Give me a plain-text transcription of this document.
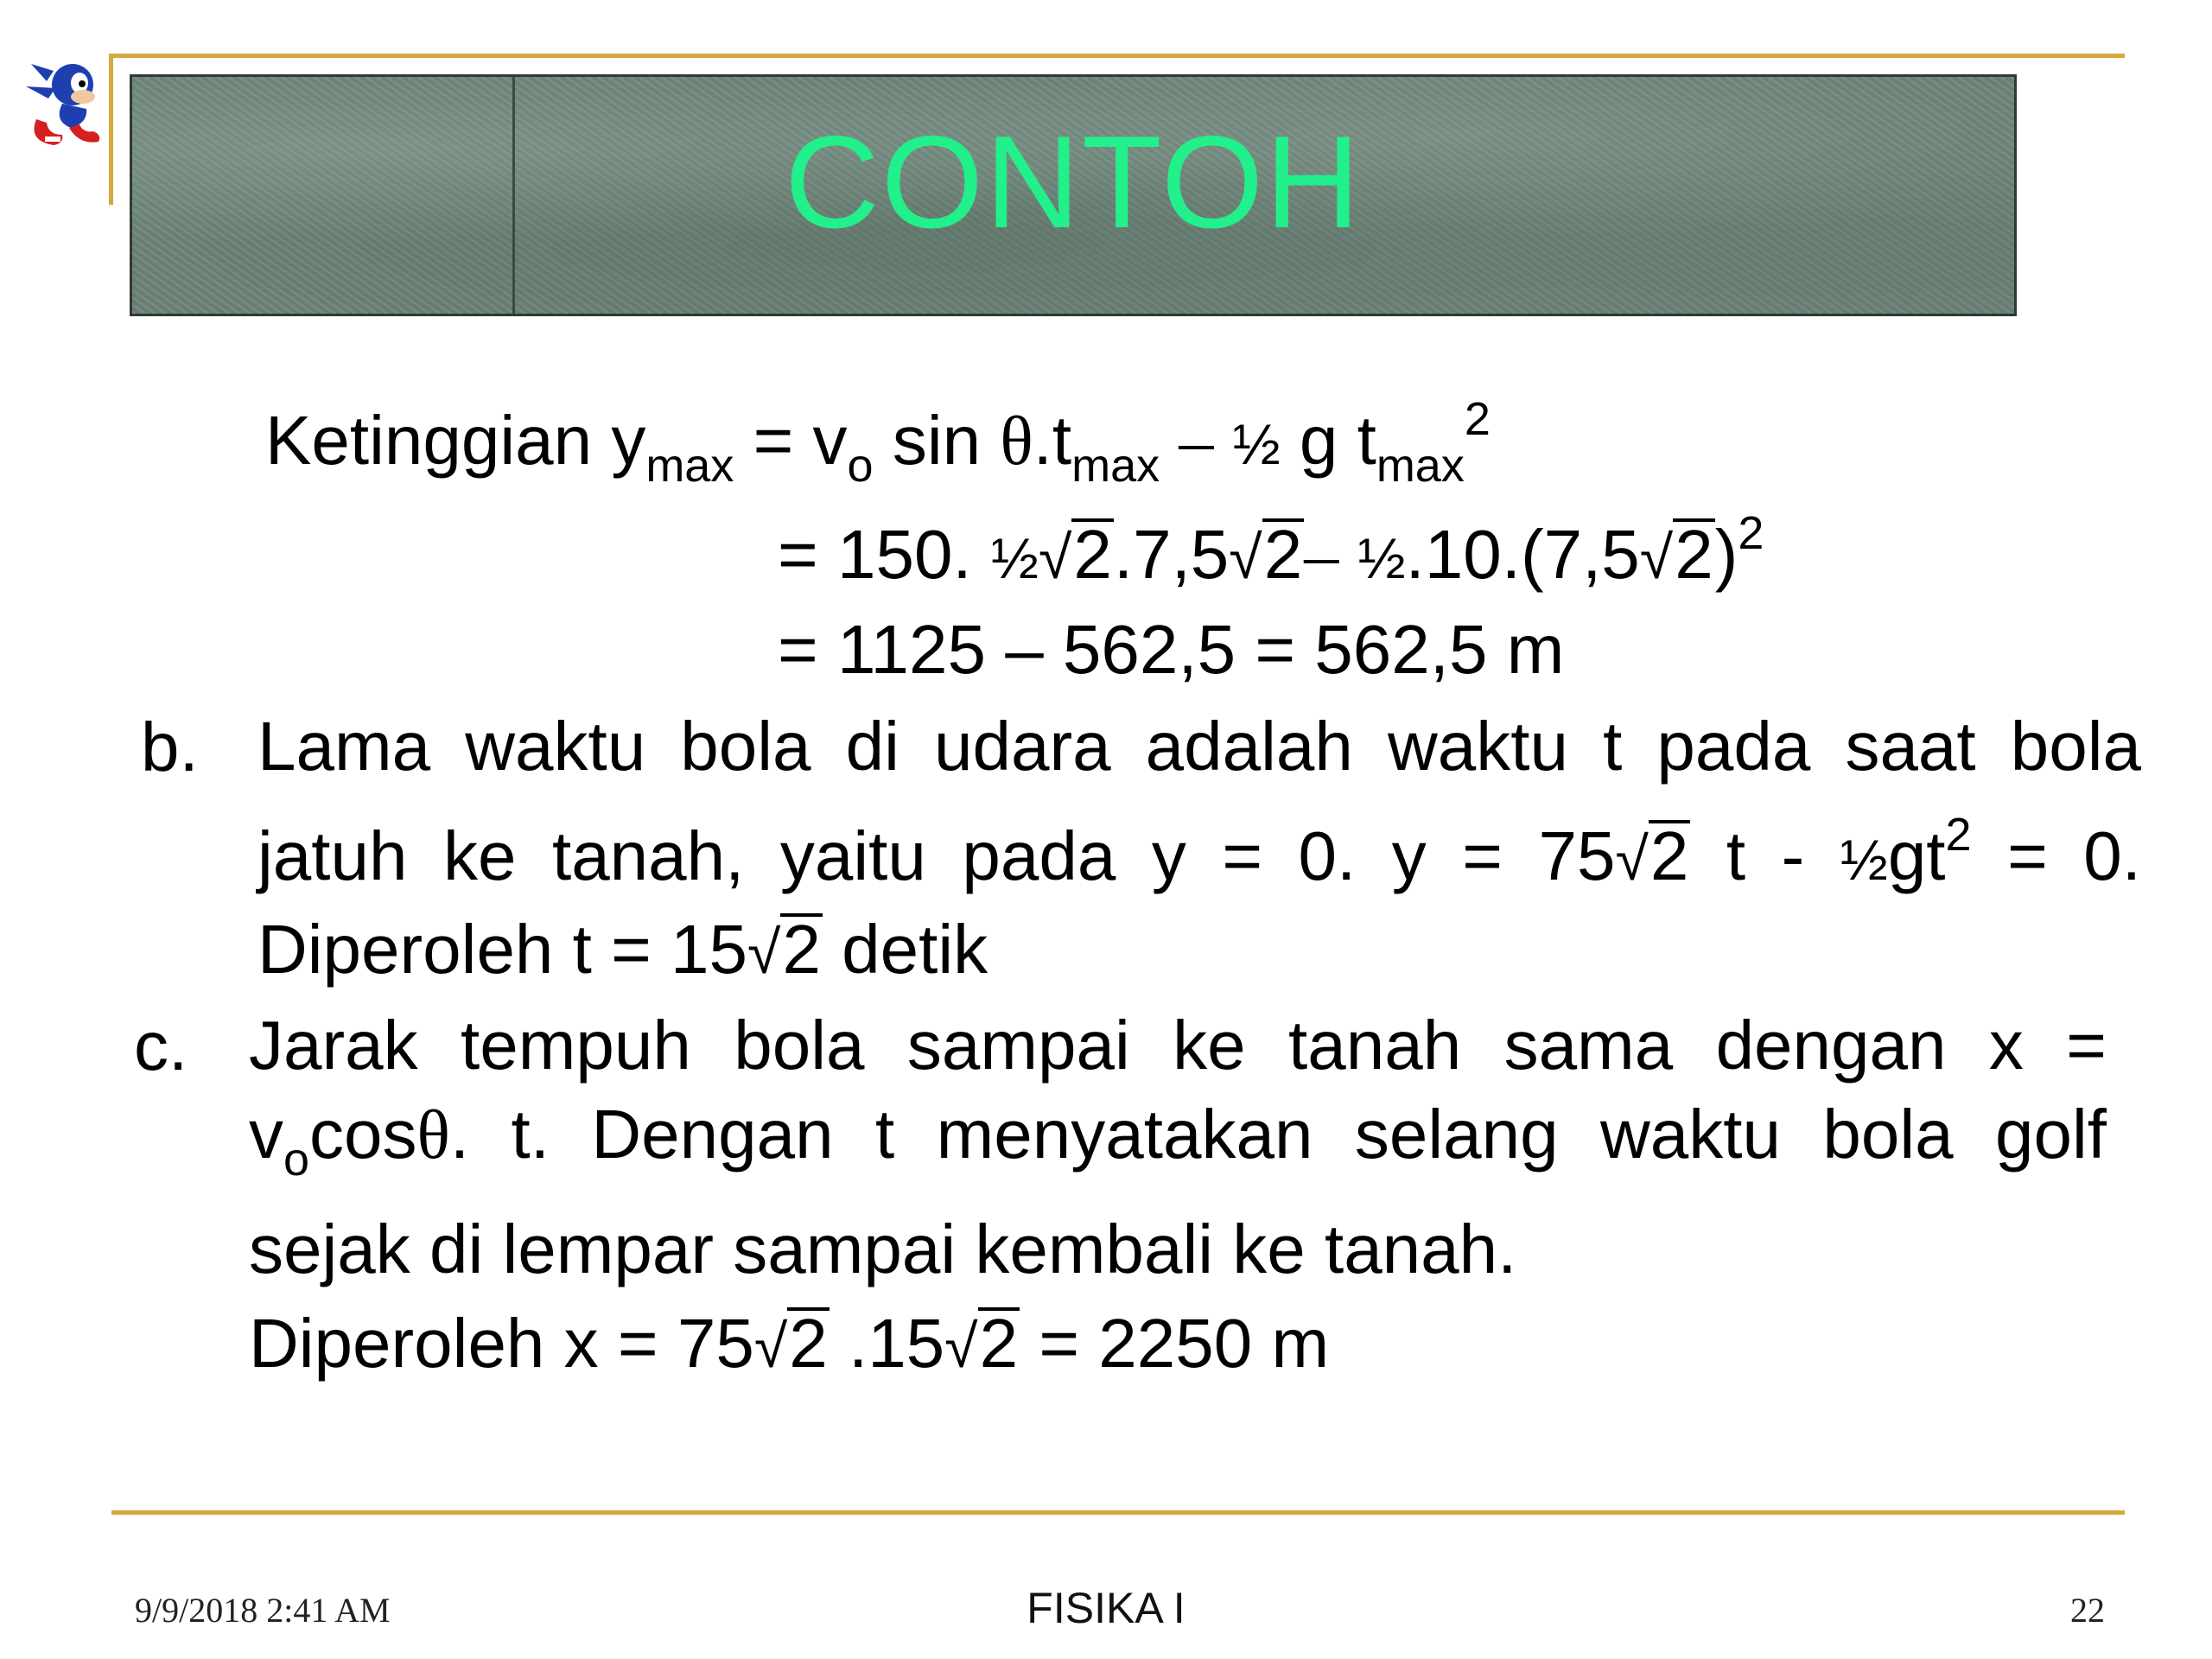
CONTOH
Ketinggian $y_{max} = v_o$ $\sin \theta.t_{max}$ – ½ g $t_{max}^2$
= 150. ½√2.7,5√2– $\frac{1}{2}.10.(7,5√2)^2$
= 1125 – 562,5 = 562,5 m
b. Lama waktu bola di udara adalah waktu t pada saat bola
jatuh ke tanah, yaitu pada y = 0. y = 75√2 $t - \frac{1}{2}gt^2 = 0$.
Diperoleh t = 15√2 detik
c. Jarak tempuh bola sampai ke tanah sama dengan x =
$v_o\cos\theta$. t. Dengan t menyatakan selang waktu bola golf
sejak di lempar sampai kembali ke tanah.
Diperoleh x = 75√2 .15√2 = 2250 m
9/9/2018 2:41 AM	FISIKA I	22
